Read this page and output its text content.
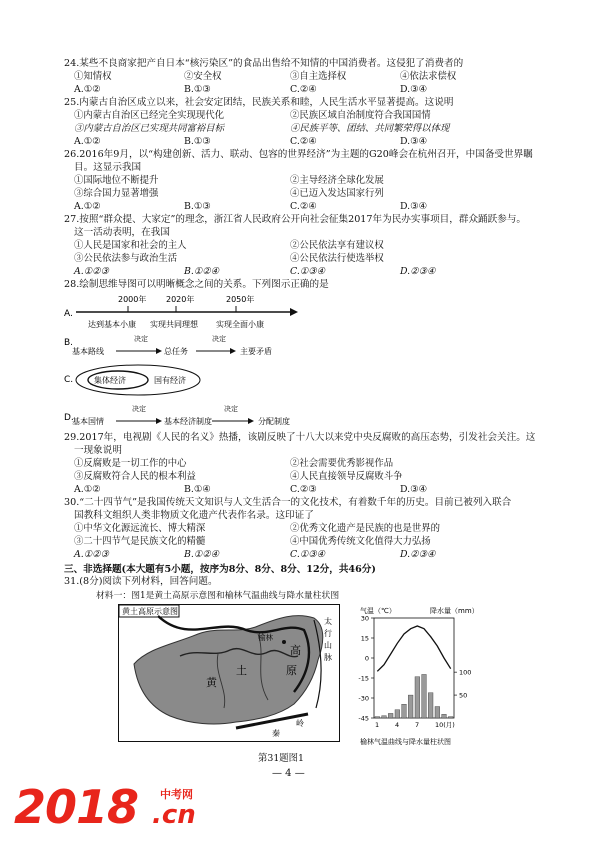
24.某些不良商家把产自日本“核污染区”的食品出售给不知情的中国消费者。这侵犯了消费者的
①知情权	②安全权	③自主选择权	④依法求偿权
A.①②	B.①③	C.②④	D.③④
25.内蒙古自治区成立以来，社会安定团结，民族关系和睦，人民生活水平显著提高。这说明
①内蒙古自治区已经完全实现现代化	②民族区域自治制度符合我国国情
③内蒙古自治区已实现共同富裕目标	④民族平等、团结、共同繁荣得以体现
A.①②	B.①③	C.②④	D.③④
26.2016年9月，以“构建创新、活力、联动、包容的世界经济”为主题的G20峰会在杭州召开，中国备受世界瞩
目。这显示我国
①国际地位不断提升	②主导经济全球化发展
③综合国力显著增强	④已迈入发达国家行列
A.①②	B.①③	C.②④	D.③④
27.按照“群众提、大家定”的理念，浙江省人民政府公开向社会征集2017年为民办实事项目，群众踊跃参与。
这一活动表明，在我国
①人民是国家和社会的主人	②公民依法享有建议权
③公民依法参与政治生活	④公民依法行使选举权
A.①②③	B.①②④	C.①③④	D.②③④
28.绘制思维导图可以明晰概念之间的关系。下列图示正确的是
A.
2000年 2020年	2050年
达到基本小康 实现共同理想 实现全面小康
B.
基本路线
决定
总任务
决定
主要矛盾
C.	集体经济	国有经济
D.
基本国情
决定
基本经济制度
决定
分配制度
29.2017年，电视剧《人民的名义》热播，该剧反映了十八大以来党中央反腐败的高压态势，引发社会关注。这
一现象说明
①反腐败是一切工作的中心	②社会需要优秀影视作品
③反腐败符合人民的根本利益	④人民直接领导反腐败斗争
A.①②	B.①④	C.②③	D.③④
30.“二十四节气”是我国传统天文知识与人文生活合一的文化技术，有着数千年的历史。目前已被列入联合
国教科文组织人类非物质文化遗产代表作名录。这印证了
①中华文化源远流长、博大精深	②优秀文化遗产是民族的也是世界的
③二十四节气是民族文化的精髓	④中国优秀传统文化值得大力弘扬
A.①②③	B.①②④	C.①③④	D.②③④
三、非选择题(本大题有5小题，按序为8分、8分、8分、12分，共46分)
31.(8分)阅读下列材料，回答问题。
材料一：图1是黄土高原示意图和榆林气温曲线与降水量柱状图
黄土高原示意图
榆林
太
行
山
脉
黄
土
高
原
秦
岭
气温（℃）	降水量（mm）
30
15
0
-15
-30
-45
100
50
1 4 7 10(月)
榆林气温曲线与降水量柱状图
第31题图1
— 4 —
2018 中考网
.cn
